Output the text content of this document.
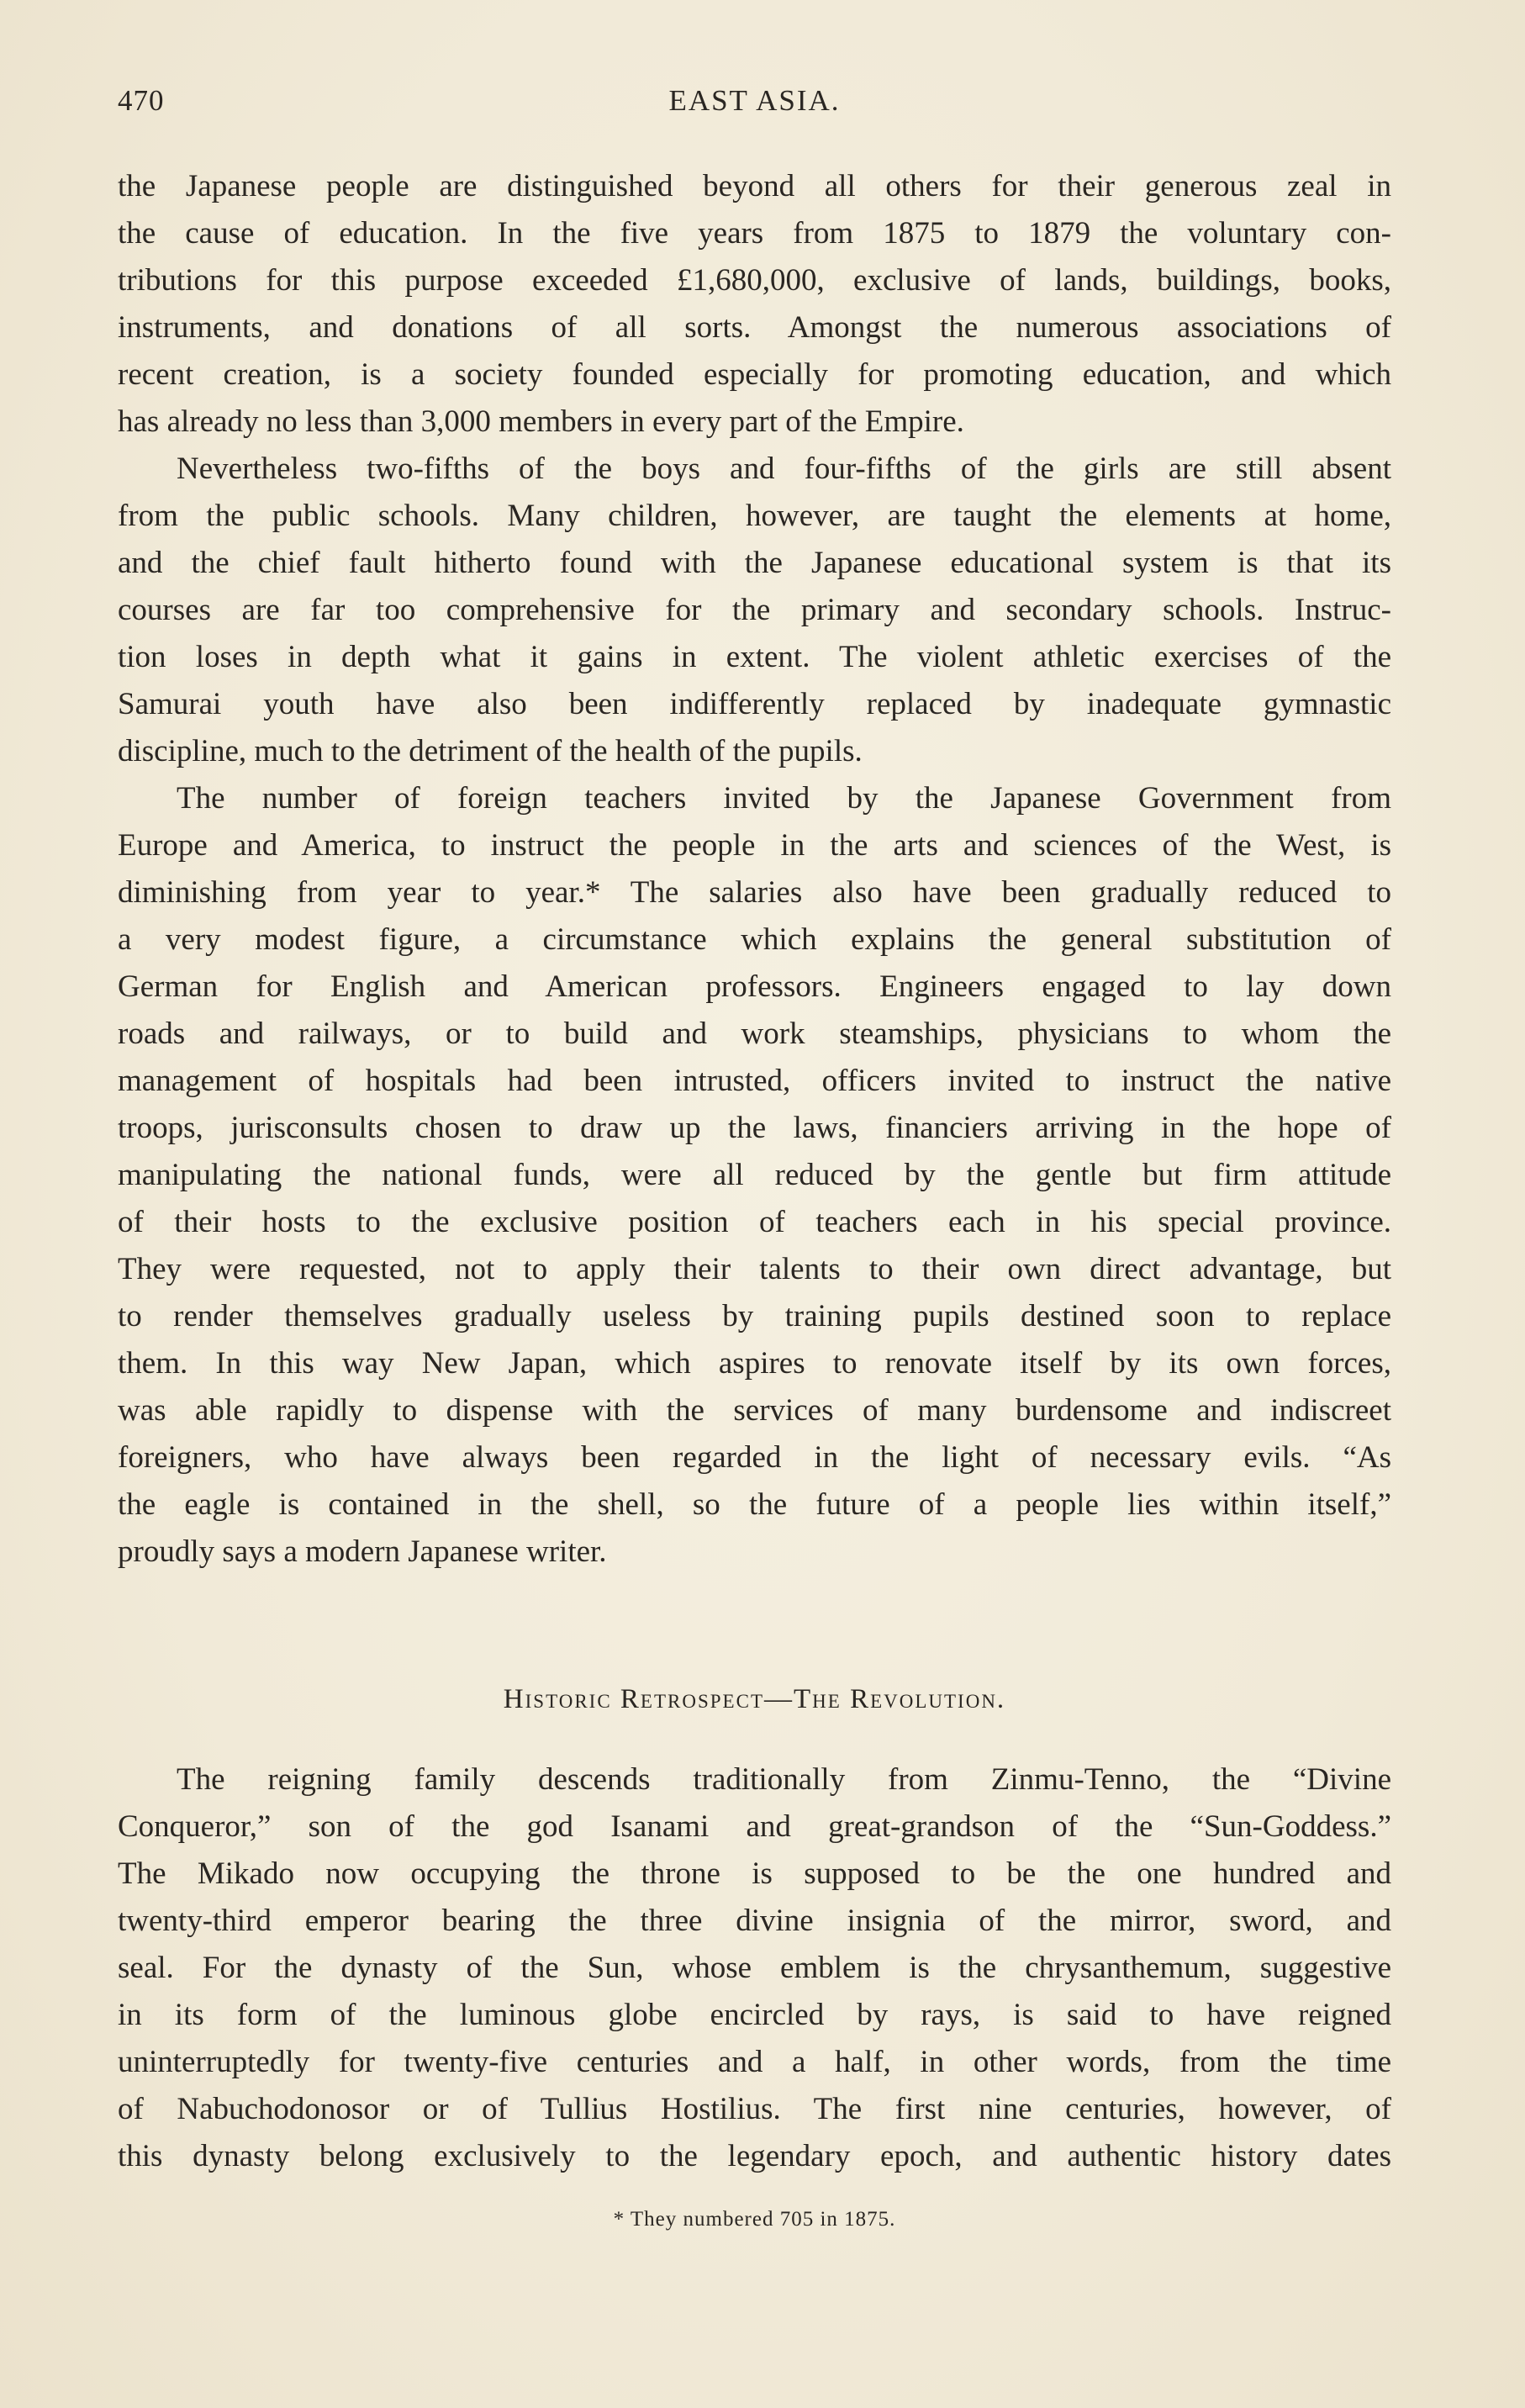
470	EAST ASIA.
the Japanese people are distinguished beyond all others for their generous zeal in
the cause of education. In the five years from 1875 to 1879 the voluntary con-
tributions for this purpose exceeded £1,680,000, exclusive of lands, buildings, books,
instruments, and donations of all sorts. Amongst the numerous associations of
recent creation, is a society founded especially for promoting education, and which
has already no less than 3,000 members in every part of the Empire.
Nevertheless two-fifths of the boys and four-fifths of the girls are still absent
from the public schools. Many children, however, are taught the elements at home,
and the chief fault hitherto found with the Japanese educational system is that its
courses are far too comprehensive for the primary and secondary schools. Instruc-
tion loses in depth what it gains in extent. The violent athletic exercises of the
Samurai youth have also been indifferently replaced by inadequate gymnastic
discipline, much to the detriment of the health of the pupils.
The number of foreign teachers invited by the Japanese Government from
Europe and America, to instruct the people in the arts and sciences of the West, is
diminishing from year to year.* The salaries also have been gradually reduced to
a very modest figure, a circumstance which explains the general substitution of
German for English and American professors. Engineers engaged to lay down
roads and railways, or to build and work steamships, physicians to whom the
management of hospitals had been intrusted, officers invited to instruct the native
troops, jurisconsults chosen to draw up the laws, financiers arriving in the hope of
manipulating the national funds, were all reduced by the gentle but firm attitude
of their hosts to the exclusive position of teachers each in his special province.
They were requested, not to apply their talents to their own direct advantage, but
to render themselves gradually useless by training pupils destined soon to replace
them. In this way New Japan, which aspires to renovate itself by its own forces,
was able rapidly to dispense with the services of many burdensome and indiscreet
foreigners, who have always been regarded in the light of necessary evils. “As
the eagle is contained in the shell, so the future of a people lies within itself,”
proudly says a modern Japanese writer.
Historic Retrospect—The Revolution.
The reigning family descends traditionally from Zinmu-Tenno, the “Divine
Conqueror,” son of the god Isanami and great-grandson of the “Sun-Goddess.”
The Mikado now occupying the throne is supposed to be the one hundred and
twenty-third emperor bearing the three divine insignia of the mirror, sword, and
seal. For the dynasty of the Sun, whose emblem is the chrysanthemum, suggestive
in its form of the luminous globe encircled by rays, is said to have reigned
uninterruptedly for twenty-five centuries and a half, in other words, from the time
of Nabuchodonosor or of Tullius Hostilius. The first nine centuries, however, of
this dynasty belong exclusively to the legendary epoch, and authentic history dates
* They numbered 705 in 1875.
